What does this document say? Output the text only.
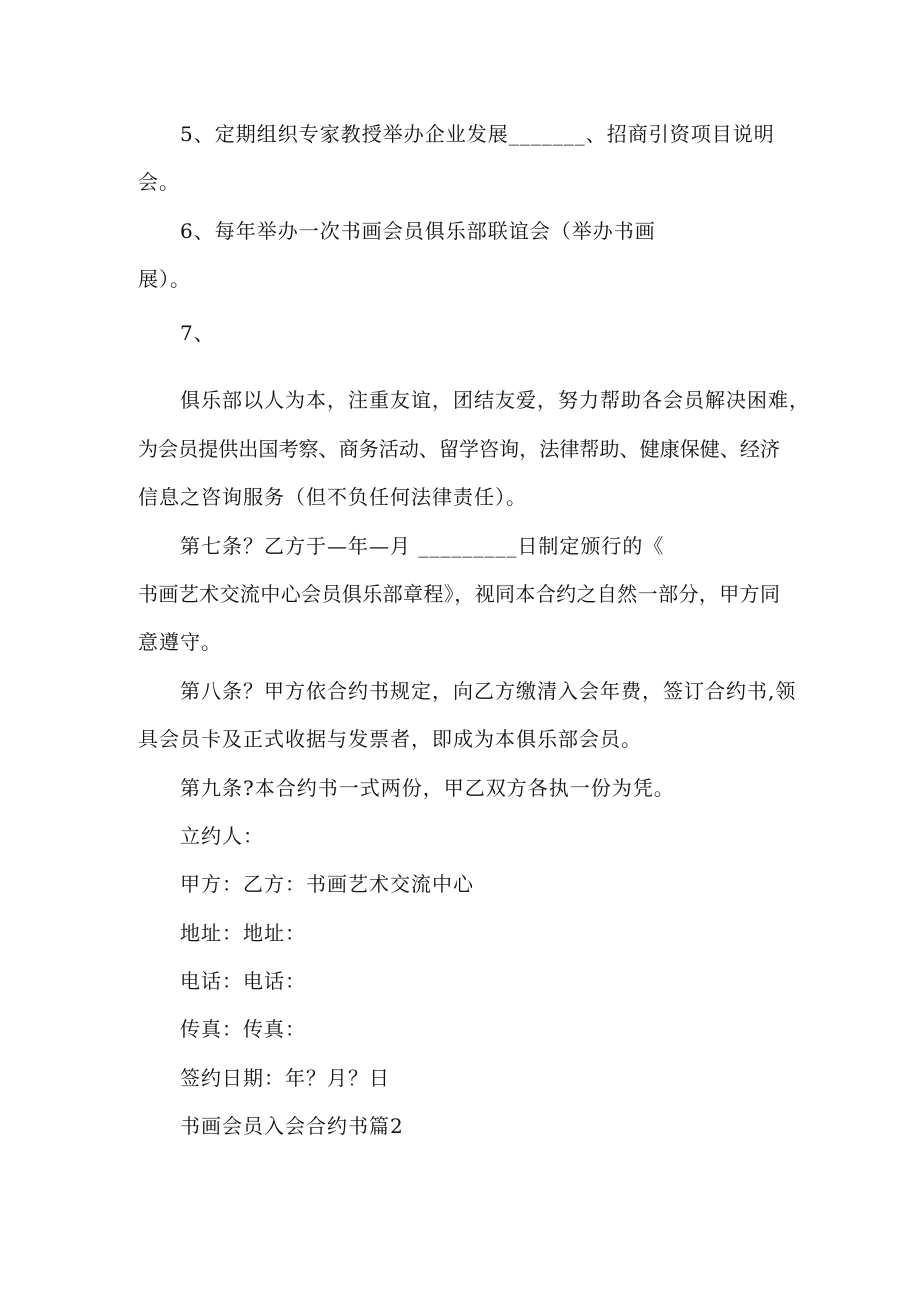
5、定期组织专家教授举办企业发展_______、招商引资项目说明
会。
6、每年举办一次书画会员俱乐部联谊会（举办书画
展）。
7、
俱乐部以人为本，注重友谊，团结友爱，努力帮助各会员解决困难，
为会员提供出国考察、商务活动、留学咨询，法律帮助、健康保健、经济
信息之咨询服务（但不负任何法律责任）。
第七条？乙方于—年—月 _________日制定颁行的《
书画艺术交流中心会员俱乐部章程》，视同本合约之自然一部分，甲方同
意遵守。
第八条？甲方依合约书规定，向乙方缴清入会年费，签订合约书,领
具会员卡及正式收据与发票者，即成为本俱乐部会员。
第九条?本合约书一式两份，甲乙双方各执一份为凭。
立约人：
甲方：乙方：书画艺术交流中心
地址：地址：
电话：电话：
传真：传真：
签约日期：年？月？日
书画会员入会合约书篇2
